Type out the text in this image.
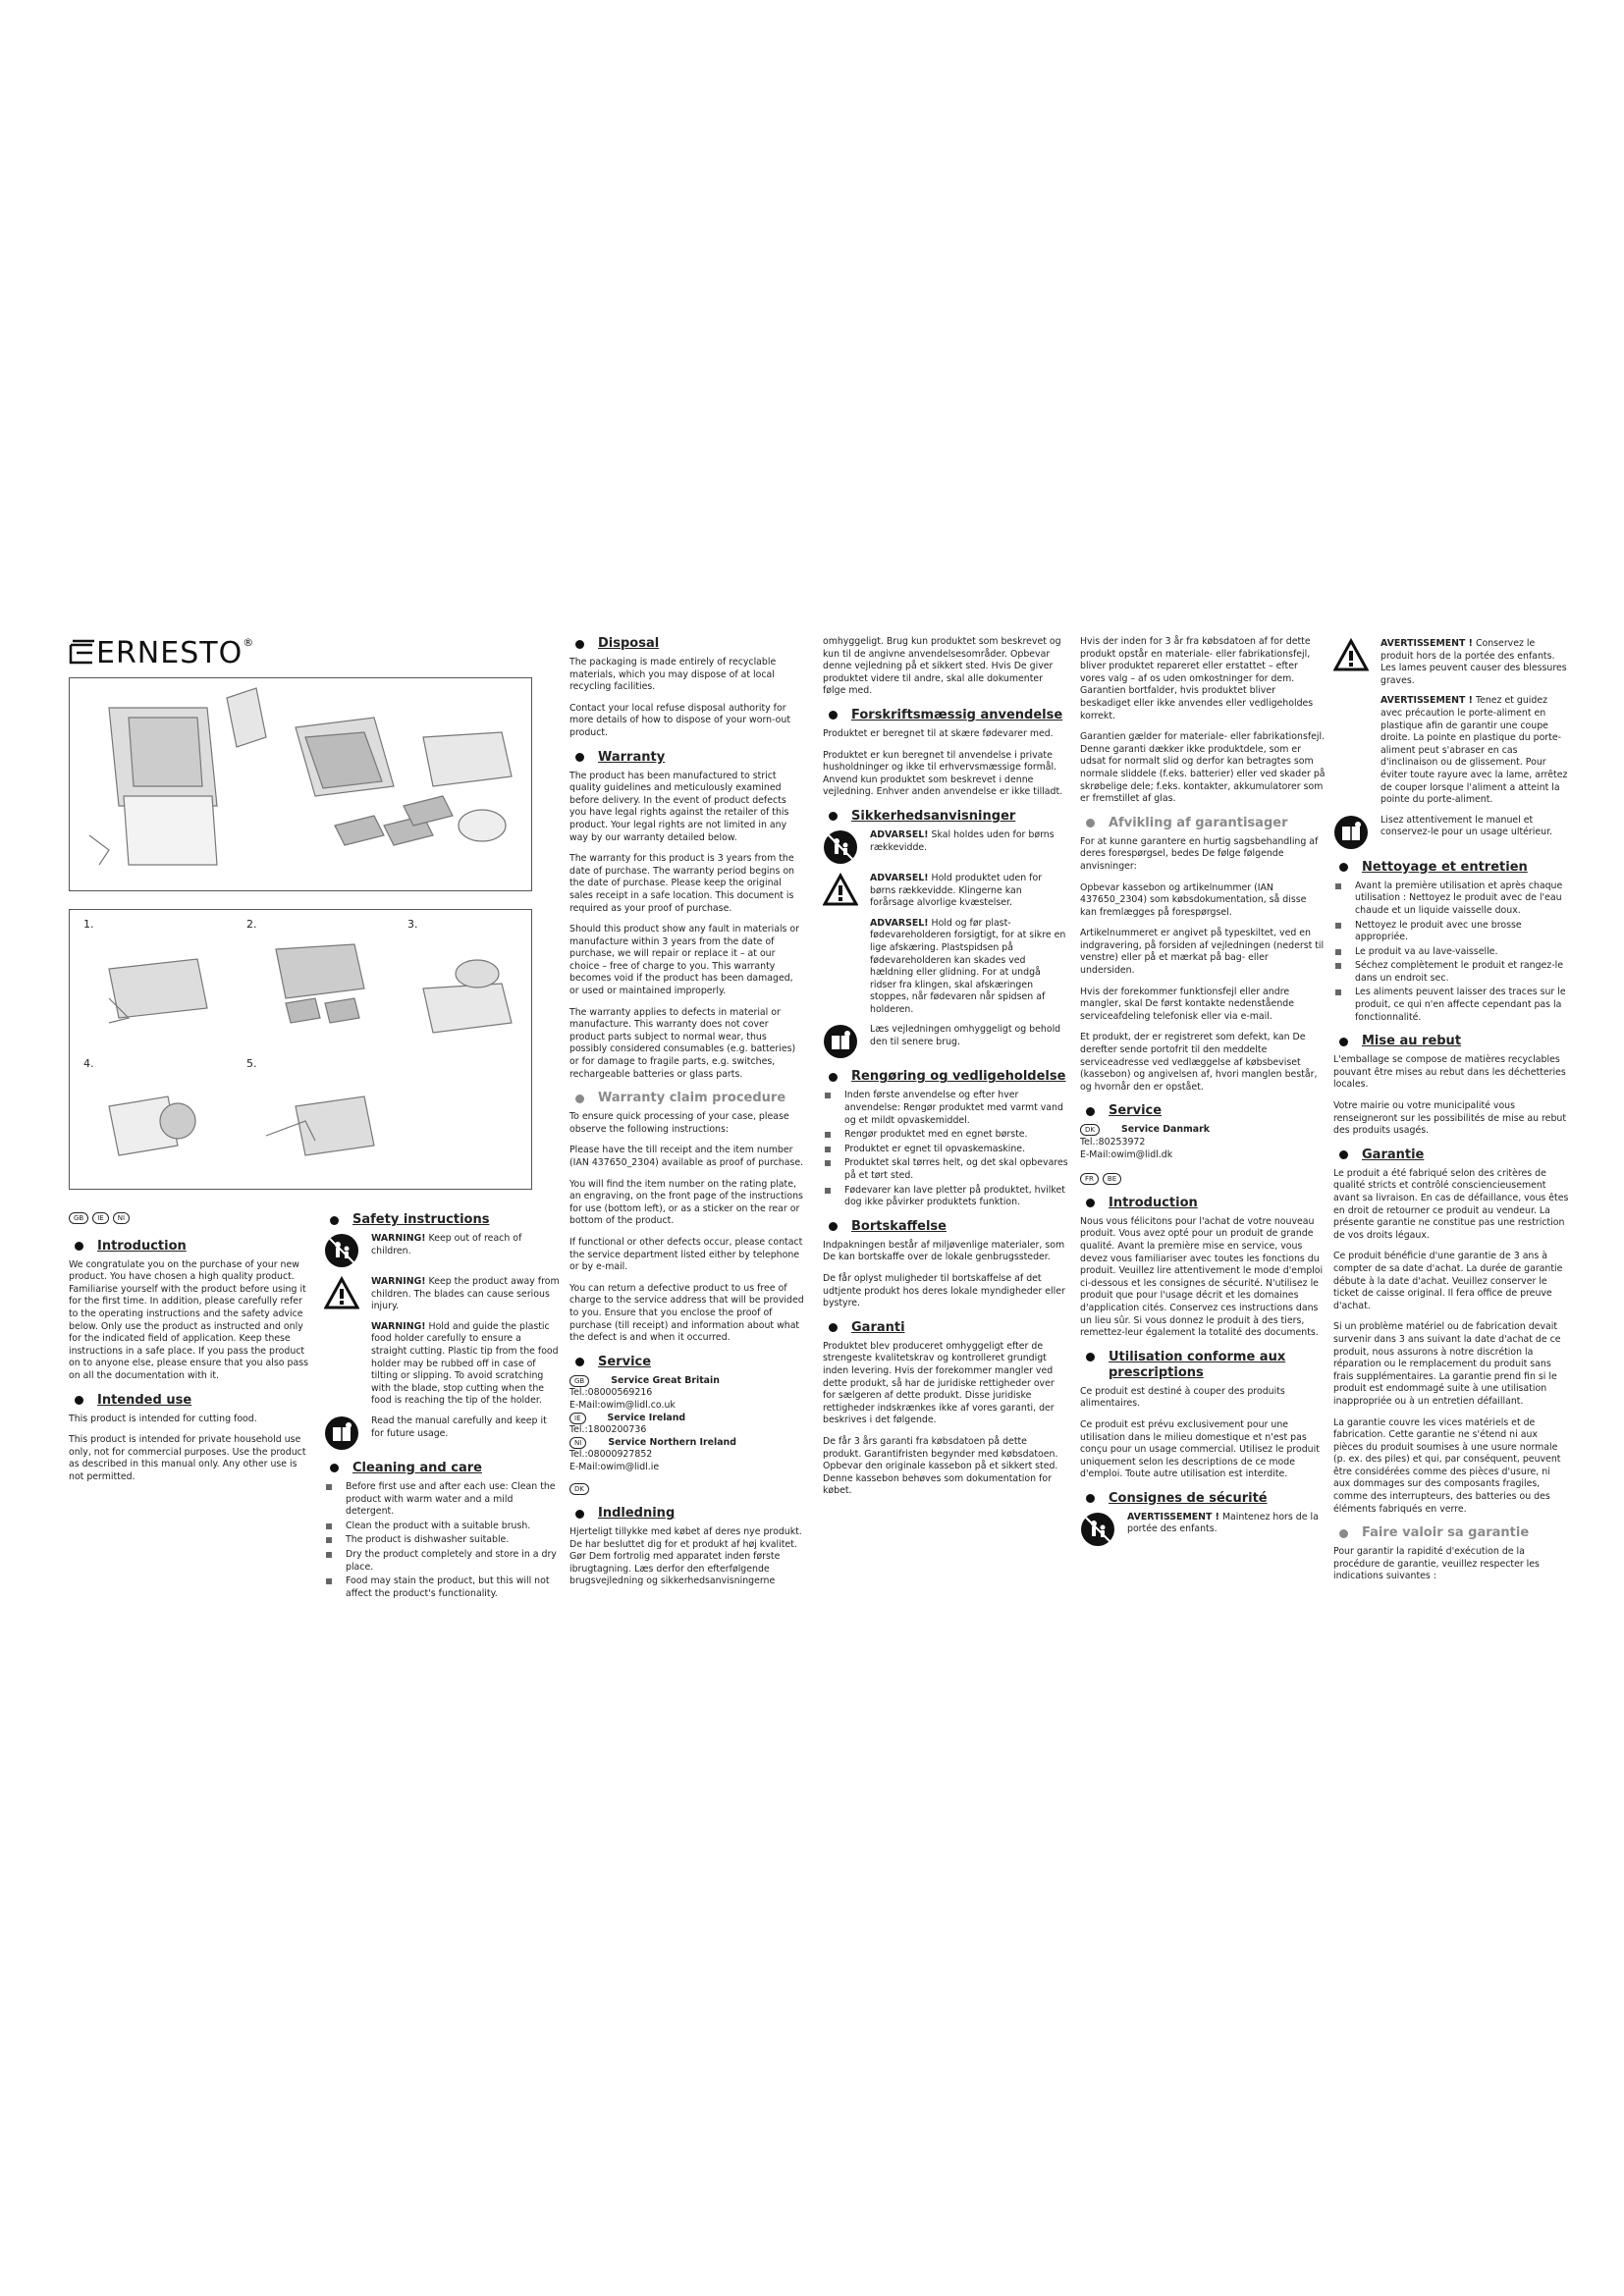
ERNESTO®
1.	2.	3.
4.	5.
GB IE NI
Introduction

We congratulate you on the purchase of your new product. You have chosen a high quality product. Familiarise yourself with the product before using it for the first time. In addition, please carefully refer to the operating instructions and the safety advice below. Only use the product as instructed and only for the indicated field of application. Keep these instructions in a safe place. If you pass the product on to anyone else, please ensure that you also pass on all the documentation with it.

Intended use

This product is intended for cutting food.

This product is intended for private household use only, not for commercial purposes. Use the product as described in this manual only. Any other use is not permitted.

Safety instructions
WARNING! Keep out of reach of children.
WARNING! Keep the product away from children. The blades can cause serious injury.
WARNING! Hold and guide the plastic food holder carefully to ensure a straight cutting. Plastic tip from the food holder may be rubbed off in case of tilting or slipping. To avoid scratching with the blade, stop cutting when the food is reaching the tip of the holder.
Read the manual carefully and keep it for future usage.
Cleaning and care
Before first use and after each use: Clean the product with warm water and a mild detergent.
Clean the product with a suitable brush.
The product is dishwasher suitable.
Dry the product completely and store in a dry place.
Food may stain the product, but this will not affect the product's functionality.
Disposal

The packaging is made entirely of recyclable materials, which you may dispose of at local recycling facilities.

Contact your local refuse disposal authority for more details of how to dispose of your worn-out product.

Warranty

The product has been manufactured to strict quality guidelines and meticulously examined before delivery. In the event of product defects you have legal rights against the retailer of this product. Your legal rights are not limited in any way by our warranty detailed below.

The warranty for this product is 3 years from the date of purchase. The warranty period begins on the date of purchase. Please keep the original sales receipt in a safe location. This document is required as your proof of purchase.

Should this product show any fault in materials or manufacture within 3 years from the date of purchase, we will repair or replace it – at our choice – free of charge to you. This warranty becomes void if the product has been damaged, or used or maintained improperly.

The warranty applies to defects in material or manufacture. This warranty does not cover product parts subject to normal wear, thus possibly considered consumables (e.g. batteries) or for damage to fragile parts, e.g. switches, rechargeable batteries or glass parts.

Warranty claim procedure

To ensure quick processing of your case, please observe the following instructions:

Please have the till receipt and the item number (IAN 437650_2304) available as proof of purchase.

You will find the item number on the rating plate, an engraving, on the front page of the instructions for use (bottom left), or as a sticker on the rear or bottom of the product.

If functional or other defects occur, please contact the service department listed either by telephone or by e-mail.

You can return a defective product to us free of charge to the service address that will be provided to you. Ensure that you enclose the proof of purchase (till receipt) and information about what the defect is and when it occurred.

Service
GB	Service Great Britain
Tel.:08000569216
E-Mail:owim@lidl.co.uk
IE	Service Ireland
Tel.:1800200736
NI	Service Northern Ireland
Tel.:08000927852
E-Mail:owim@lidl.ie
DK
Indledning

Hjerteligt tillykke med købet af deres nye produkt. De har besluttet dig for et produkt af høj kvalitet. Gør Dem fortrolig med apparatet inden første ibrugtagning. Læs derfor den efterfølgende brugsvejledning og sikkerhedsanvisningerne

omhyggeligt. Brug kun produktet som beskrevet og kun til de angivne anvendelsesområder. Opbevar denne vejledning på et sikkert sted. Hvis De giver produktet videre til andre, skal alle dokumenter følge med.

Forskriftsmæssig anvendelse

Produktet er beregnet til at skære fødevarer med.

Produktet er kun beregnet til anvendelse i private husholdninger og ikke til erhvervsmæssige formål. Anvend kun produktet som beskrevet i denne vejledning. Enhver anden anvendelse er ikke tilladt.

Sikkerhedsanvisninger
ADVARSEL! Skal holdes uden for børns rækkevidde.
ADVARSEL! Hold produktet uden for børns rækkevidde. Klingerne kan forårsage alvorlige kvæstelser.
ADVARSEL! Hold og før plast-fødevareholderen forsigtigt, for at sikre en lige afskæring. Plastspidsen på fødevareholderen kan skades ved hældning eller glidning. For at undgå ridser fra klingen, skal afskæringen stoppes, når fødevaren når spidsen af holderen.
Læs vejledningen omhyggeligt og behold den til senere brug.
Rengøring og vedligeholdelse
Inden første anvendelse og efter hver anvendelse: Rengør produktet med varmt vand og et mildt opvaskemiddel.
Rengør produktet med en egnet børste.
Produktet er egnet til opvaskemaskine.
Produktet skal tørres helt, og det skal opbevares på et tørt sted.
Fødevarer kan lave pletter på produktet, hvilket dog ikke påvirker produktets funktion.
Bortskaffelse

Indpakningen består af miljøvenlige materialer, som De kan bortskaffe over de lokale genbrugssteder.

De får oplyst muligheder til bortskaffelse af det udtjente produkt hos deres lokale myndigheder eller bystyre.

Garanti

Produktet blev produceret omhyggeligt efter de strengeste kvalitetskrav og kontrolleret grundigt inden levering. Hvis der forekommer mangler ved dette produkt, så har de juridiske rettigheder over for sælgeren af dette produkt. Disse juridiske rettigheder indskrænkes ikke af vores garanti, der beskrives i det følgende.

De får 3 års garanti fra købsdatoen på dette produkt. Garantifristen begynder med købsdatoen. Opbevar den originale kassebon på et sikkert sted. Denne kassebon behøves som dokumentation for købet.

Hvis der inden for 3 år fra købsdatoen af for dette produkt opstår en materiale- eller fabrikationsfejl, bliver produktet repareret eller erstattet – efter vores valg – af os uden omkostninger for dem. Garantien bortfalder, hvis produktet bliver beskadiget eller ikke anvendes eller vedligeholdes korrekt.

Garantien gælder for materiale- eller fabrikationsfejl. Denne garanti dækker ikke produktdele, som er udsat for normalt slid og derfor kan betragtes som normale sliddele (f.eks. batterier) eller ved skader på skrøbelige dele; f.eks. kontakter, akkumulatorer som er fremstillet af glas.

Afvikling af garantisager

For at kunne garantere en hurtig sagsbehandling af deres forespørgsel, bedes De følge følgende anvisninger:

Opbevar kassebon og artikelnummer (IAN 437650_2304) som købsdokumentation, så disse kan fremlægges på forespørgsel.

Artikelnummeret er angivet på typeskiltet, ved en indgravering, på forsiden af vejledningen (nederst til venstre) eller på et mærkat på bag- eller undersiden.

Hvis der forekommer funktionsfejl eller andre mangler, skal De først kontakte nedenstående serviceafdeling telefonisk eller via e-mail.

Et produkt, der er registreret som defekt, kan De derefter sende portofrit til den meddelte serviceadresse ved vedlæggelse af købsbeviset (kassebon) og angivelsen af, hvori manglen består, og hvornår den er opstået.

Service
DK	Service Danmark
Tel.:80253972
E-Mail:owim@lidl.dk
FR BE
Introduction

Nous vous félicitons pour l'achat de votre nouveau produit. Vous avez opté pour un produit de grande qualité. Avant la première mise en service, vous devez vous familiariser avec toutes les fonctions du produit. Veuillez lire attentivement le mode d'emploi ci-dessous et les consignes de sécurité. N'utilisez le produit que pour l'usage décrit et les domaines d'application cités. Conservez ces instructions dans un lieu sûr. Si vous donnez le produit à des tiers, remettez-leur également la totalité des documents.

Utilisation conforme aux
prescriptions

Ce produit est destiné à couper des produits alimentaires.

Ce produit est prévu exclusivement pour une utilisation dans le milieu domestique et n'est pas conçu pour un usage commercial. Utilisez le produit uniquement selon les descriptions de ce mode d'emploi. Toute autre utilisation est interdite.

Consignes de sécurité
AVERTISSEMENT ! Maintenez hors de la portée des enfants.
AVERTISSEMENT ! Conservez le produit hors de la portée des enfants. Les lames peuvent causer des blessures graves.
AVERTISSEMENT ! Tenez et guidez avec précaution le porte-aliment en plastique afin de garantir une coupe droite. La pointe en plastique du porte-aliment peut s'abraser en cas d'inclinaison ou de glissement. Pour éviter toute rayure avec la lame, arrêtez de couper lorsque l'aliment a atteint la pointe du porte-aliment.
Lisez attentivement le manuel et conservez-le pour un usage ultérieur.
Nettoyage et entretien
Avant la première utilisation et après chaque utilisation : Nettoyez le produit avec de l'eau chaude et un liquide vaisselle doux.
Nettoyez le produit avec une brosse appropriée.
Le produit va au lave-vaisselle.
Séchez complètement le produit et rangez-le dans un endroit sec.
Les aliments peuvent laisser des traces sur le produit, ce qui n'en affecte cependant pas la fonctionnalité.
Mise au rebut

L'emballage se compose de matières recyclables pouvant être mises au rebut dans les déchetteries locales.

Votre mairie ou votre municipalité vous renseigneront sur les possibilités de mise au rebut des produits usagés.

Garantie

Le produit a été fabriqué selon des critères de qualité stricts et contrôlé consciencieusement avant sa livraison. En cas de défaillance, vous êtes en droit de retourner ce produit au vendeur. La présente garantie ne constitue pas une restriction de vos droits légaux.

Ce produit bénéficie d'une garantie de 3 ans à compter de sa date d'achat. La durée de garantie débute à la date d'achat. Veuillez conserver le ticket de caisse original. Il fera office de preuve d'achat.

Si un problème matériel ou de fabrication devait survenir dans 3 ans suivant la date d'achat de ce produit, nous assurons à notre discrétion la réparation ou le remplacement du produit sans frais supplémentaires. La garantie prend fin si le produit est endommagé suite à une utilisation inappropriée ou à un entretien défaillant.

La garantie couvre les vices matériels et de fabrication. Cette garantie ne s'étend ni aux pièces du produit soumises à une usure normale (p. ex. des piles) et qui, par conséquent, peuvent être considérées comme des pièces d'usure, ni aux dommages sur des composants fragiles, comme des interrupteurs, des batteries ou des éléments fabriqués en verre.

Faire valoir sa garantie

Pour garantir la rapidité d'exécution de la procédure de garantie, veuillez respecter les indications suivantes :
